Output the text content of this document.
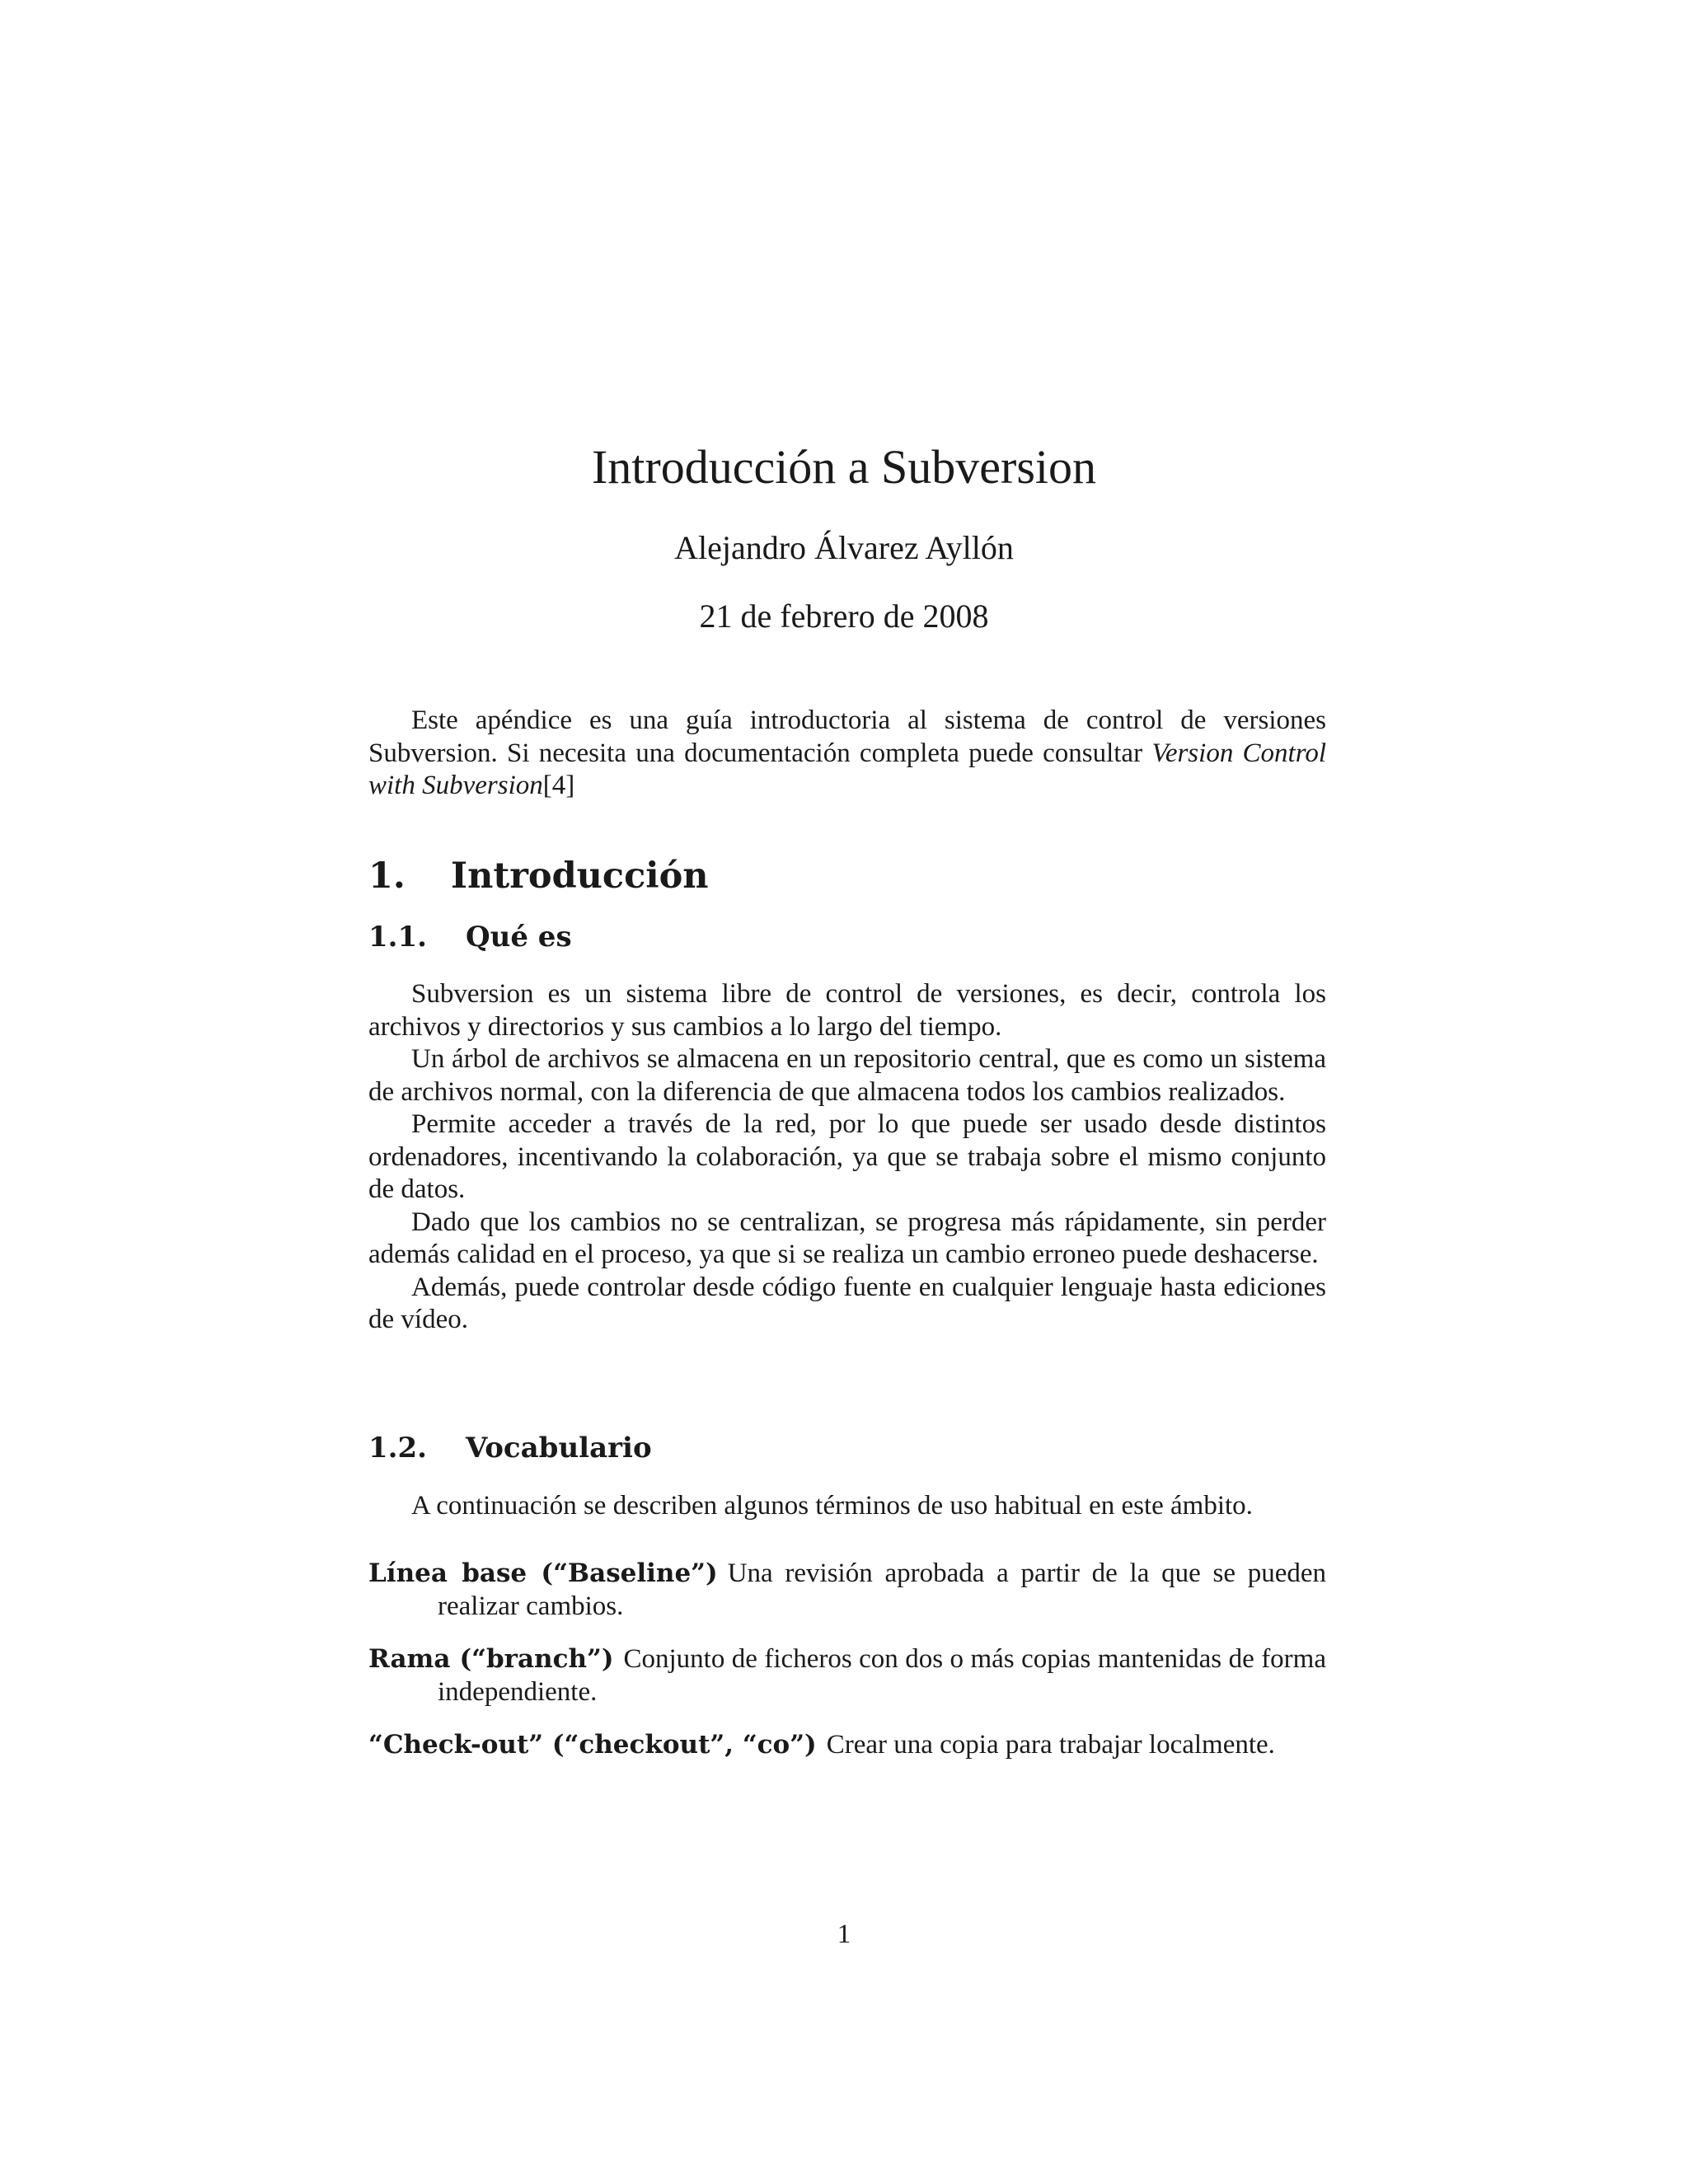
Introducción a Subversion
Alejandro Álvarez Ayllón
21 de febrero de 2008

Este apéndice es una guía introductoria al sistema de control de versiones Subversion. Si necesita una documentación completa puede consultar Version Control with Subversion[4]

1.	Introducción
1.1.	Qué es

Subversion es un sistema libre de control de versiones, es decir, controla los archivos y directorios y sus cambios a lo largo del tiempo.

Un árbol de archivos se almacena en un repositorio central, que es como un sistema de archivos normal, con la diferencia de que almacena todos los cambios realizados.

Permite acceder a través de la red, por lo que puede ser usado desde distintos ordenadores, incentivando la colaboración, ya que se trabaja sobre el mismo conjunto de datos.

Dado que los cambios no se centralizan, se progresa más rápidamente, sin perder además calidad en el proceso, ya que si se realiza un cambio erroneo puede deshacerse.

Además, puede controlar desde código fuente en cualquier lenguaje hasta ediciones de vídeo.

1.2.	Vocabulario

A continuación se describen algunos términos de uso habitual en este ámbito.

Línea base (“Baseline”) Una revisión aprobada a partir de la que se pueden realizar cambios.
Rama (“branch”) Conjunto de ficheros con dos o más copias mantenidas de forma independiente.
“Check-out” (“checkout”, “co”) Crear una copia para trabajar localmente.
1
